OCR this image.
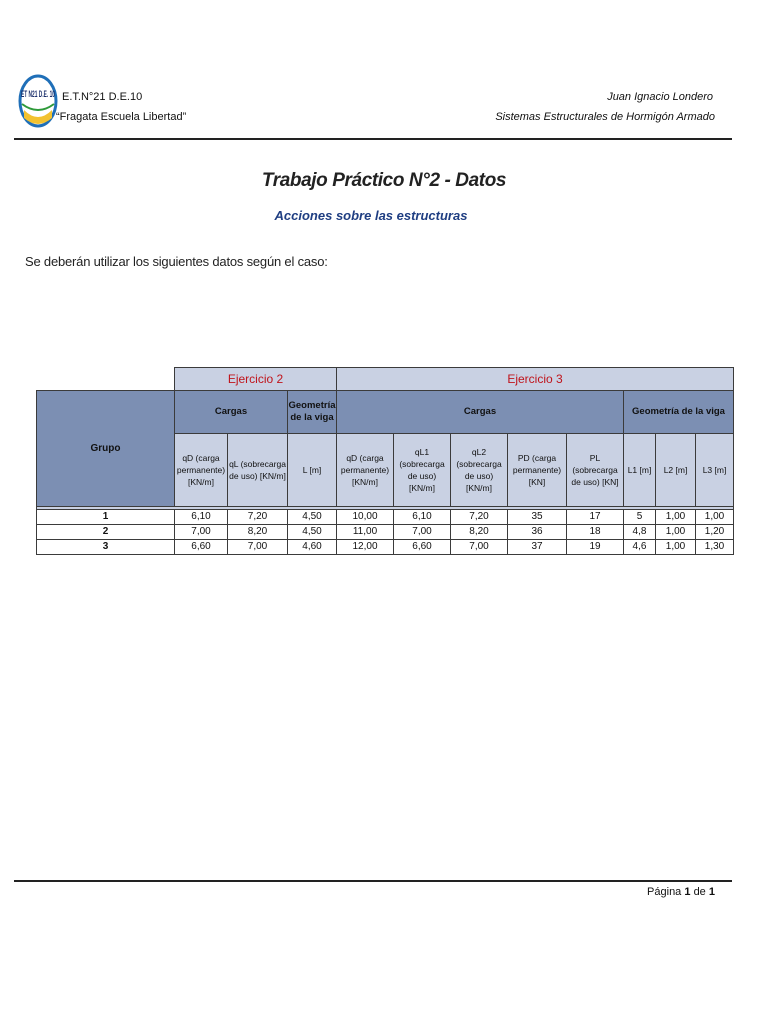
ET N21 D.E. 10 E.T.N°21 D.E.10
“Fragata Escuela Libertad”
Juan Ignacio Londero
Sistemas Estructurales de Hormigón Armado
Trabajo Práctico N°2 - Datos
Acciones sobre las estructuras
Se deberán utilizar los siguientes datos según el caso:
	Ejercicio 2			Ejercicio 3							
Grupo	Cargas		Geometría de la viga	Cargas					Geometría de la viga		
	qD (carga permanente) [KN/m]	qL (sobrecarga de uso) [KN/m]	L [m]	qD (carga permanente) [KN/m]	qL1 (sobrecarga de uso) [KN/m]	qL2 (sobrecarga de uso) [KN/m]	PD (carga permanente) [KN]	PL (sobrecarga de uso) [KN]	L1 [m]	L2 [m]	L3 [m]

1	6,10	7,20	4,50	10,00	6,10	7,20	35	17	5	1,00	1,00
2	7,00	8,20	4,50	11,00	7,00	8,20	36	18	4,8	1,00	1,20
3	6,60	7,00	4,60	12,00	6,60	7,00	37	19	4,6	1,00	1,30
Página 1 de 1
